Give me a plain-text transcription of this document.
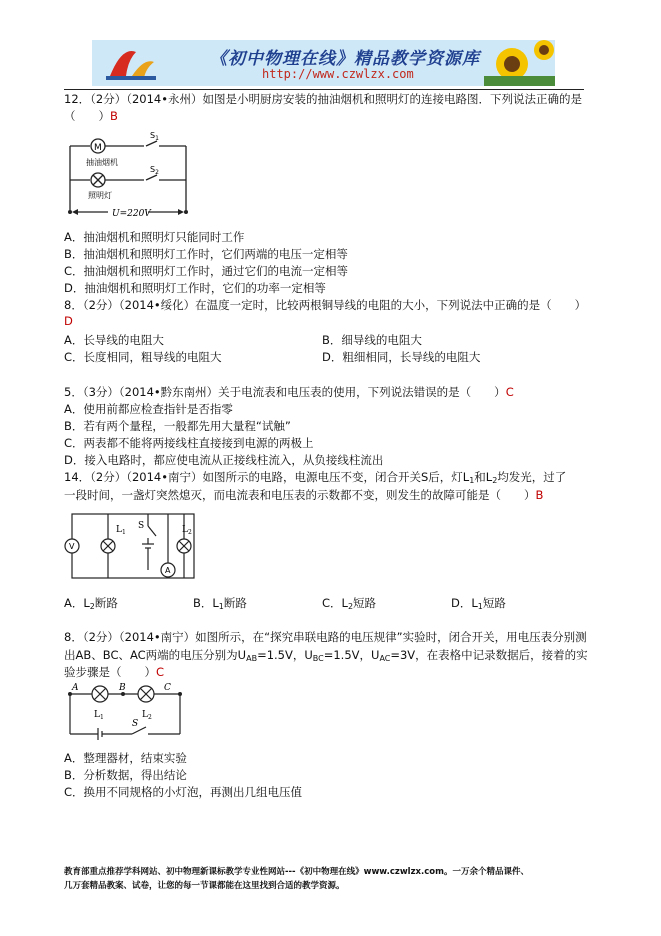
《初中物理在线》精品教学资源库
http://www.czwlzx.com
12．（2分）（2014•永州）如图是小明厨房安装的抽油烟机和照明灯的连接电路图．下列说法正确的是
（　　）B
M
$S_1$
$S_2$
抽油烟机
照明灯
U=220V
A．抽油烟机和照明灯只能同时工作
B．抽油烟机和照明灯工作时，它们两端的电压一定相等
C．抽油烟机和照明灯工作时，通过它们的电流一定相等
D．抽油烟机和照明灯工作时，它们的功率一定相等
8．（2分）（2014•绥化）在温度一定时，比较两根铜导线的电阻的大小，下列说法中正确的是（　　）
D
A．长导线的电阻大	B．细导线的电阻大
C．长度相同，粗导线的电阻大	D．粗细相同，长导线的电阻大
5．（3分）（2014•黔东南州）关于电流表和电压表的使用，下列说法错误的是（　　）C
A．使用前都应检查指针是否指零
B．若有两个量程，一般都先用大量程“试触”
C．两表都不能将两接线柱直接接到电源的两极上
D．接入电路时，都应使电流从正接线柱流入，从负接线柱流出
14．（2分）（2014•南宁）如图所示的电路，电源电压不变，闭合开关S后，灯$L_1$和$L_2$均发光，过了
一段时间，一盏灯突然熄灭，而电流表和电压表的示数都不变，则发生的故障可能是（　　）B
V
A
$L_1$	$L_2$
S
A．$L_2$断路	B．$L_1$断路	C．$L_2$短路	D．$L_1$短路
8．（2分）（2014•南宁）如图所示，在“探究串联电路的电压规律”实验时，闭合开关，用电压表分别测
出AB、BC、AC两端的电压分别为$U_{AB}=1.5V$，$U_{BC}=1.5V$，$U_{AC}=3V$，在表格中记录数据后，接着的实
验步骤是（　　）C
A	B	C
$L_1$	$L_2$
S
A．整理器材，结束实验
B．分析数据，得出结论
C．换用不同规格的小灯泡，再测出几组电压值
教育部重点推荐学科网站、初中物理新课标教学专业性网站---《初中物理在线》www.czwlzx.com。一万余个精品课件、
几万套精品教案、试卷，让您的每一节课都能在这里找到合适的教学资源。
